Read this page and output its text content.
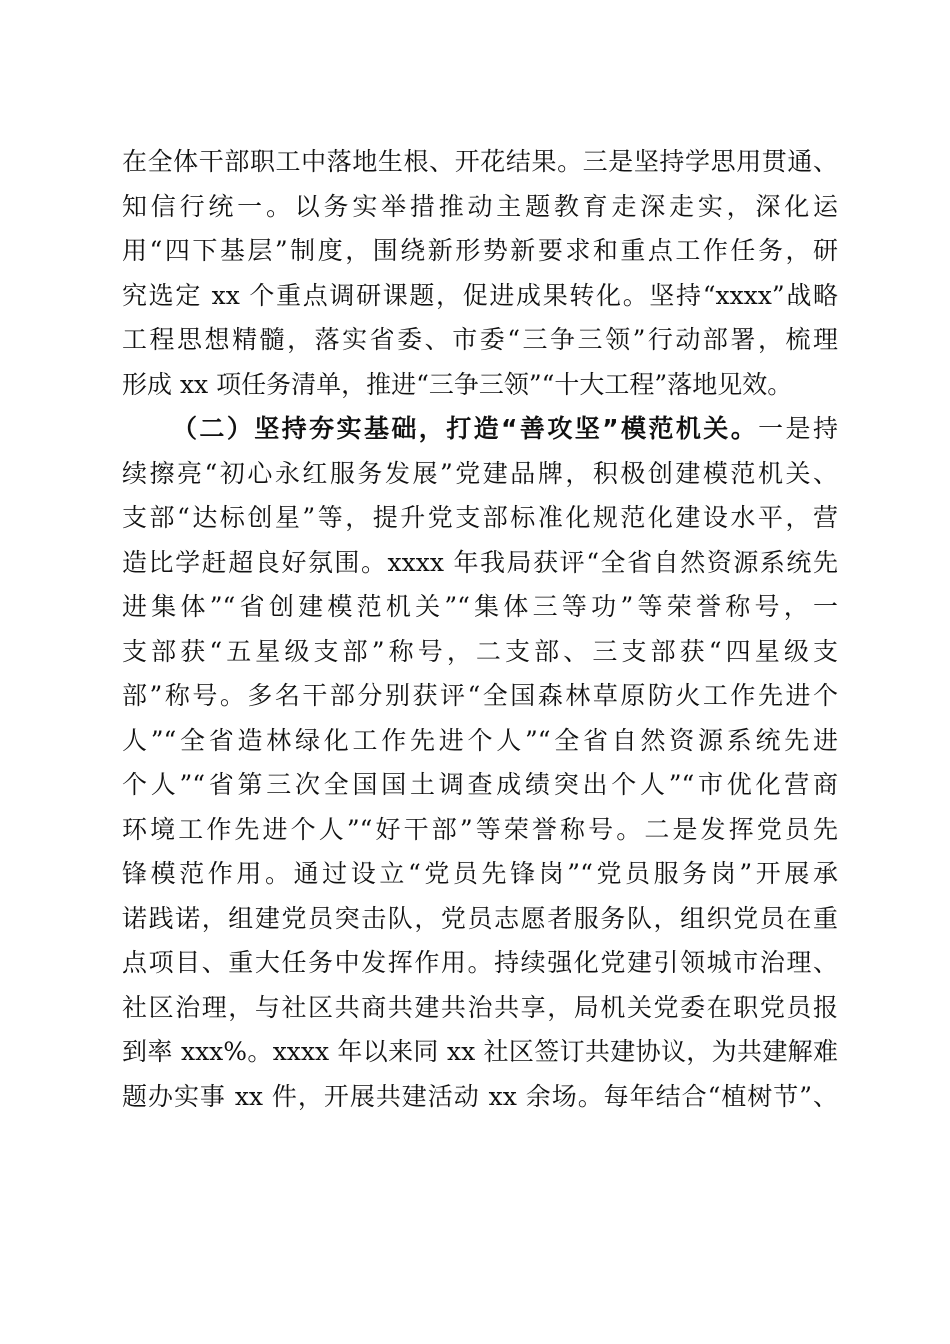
在全体干部职工中落地生根、开花结果。三是坚持学思用贯通、
知信行统一。以务实举措推动主题教育走深走实，深化运
用“四下基层”制度，围绕新形势新要求和重点工作任务，研
究选定 xx 个重点调研课题，促进成果转化。坚持“xxxx”战略
工程思想精髓，落实省委、市委“三争三领”行动部署，梳理
形成 xx 项任务清单，推进“三争三领”“十大工程”落地见效。
（二）坚持夯实基础，打造“善攻坚”模范机关。一是持
续擦亮“初心永红服务发展”党建品牌，积极创建模范机关、
支部“达标创星”等，提升党支部标准化规范化建设水平，营
造比学赶超良好氛围。xxxx 年我局获评“全省自然资源系统先
进集体”“省创建模范机关”“集体三等功”等荣誉称号，一
支部获“五星级支部”称号，二支部、三支部获“四星级支
部”称号。多名干部分别获评“全国森林草原防火工作先进个
人”“全省造林绿化工作先进个人”“全省自然资源系统先进
个人”“省第三次全国国土调查成绩突出个人”“市优化营商
环境工作先进个人”“好干部”等荣誉称号。二是发挥党员先
锋模范作用。通过设立“党员先锋岗”“党员服务岗”开展承
诺践诺，组建党员突击队，党员志愿者服务队，组织党员在重
点项目、重大任务中发挥作用。持续强化党建引领城市治理、
社区治理，与社区共商共建共治共享，局机关党委在职党员报
到率 xxx%。xxxx 年以来同 xx 社区签订共建协议，为共建解难
题办实事 xx 件，开展共建活动 xx 余场。每年结合“植树节”、
